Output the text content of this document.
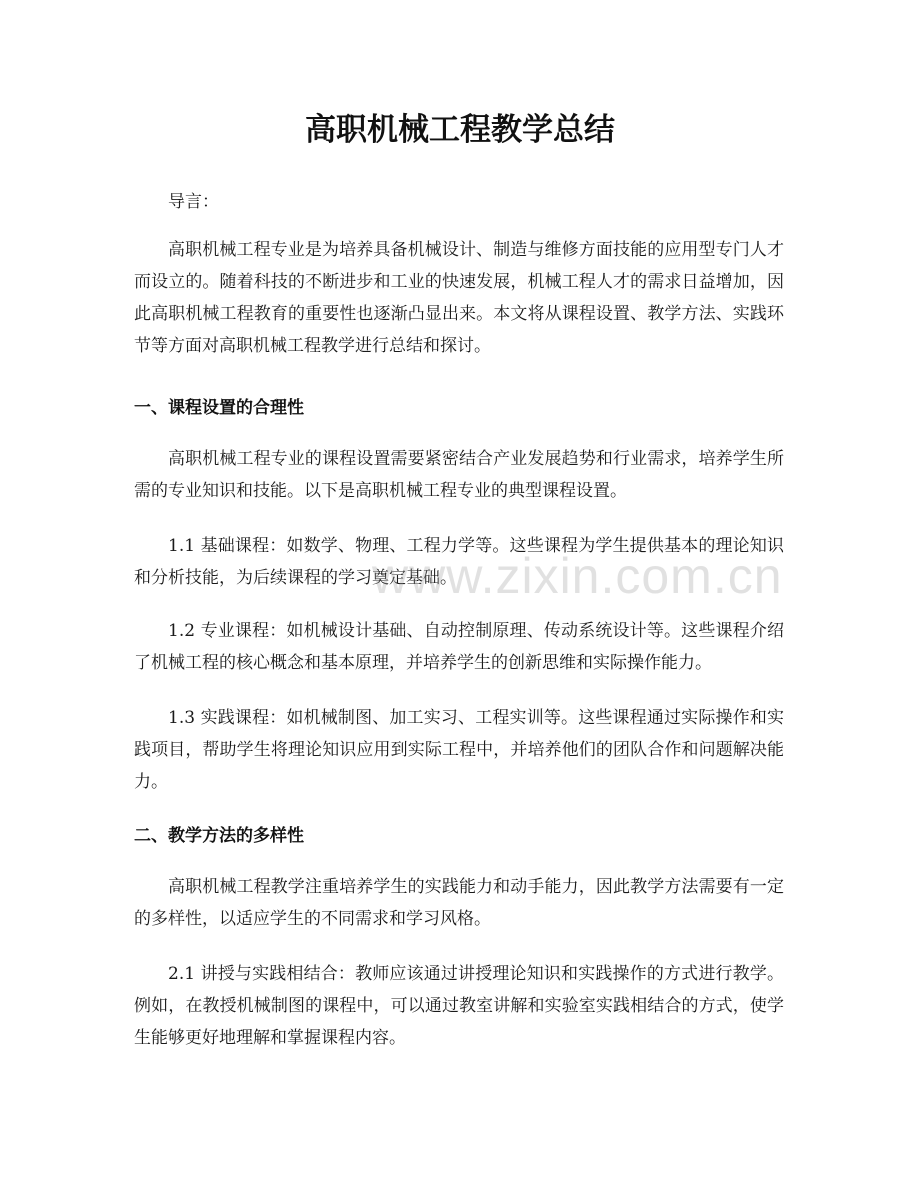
高职机械工程教学总结

导言：

高职机械工程专业是为培养具备机械设计、制造与维修方面技能的应用型专门人才而设立的。随着科技的不断进步和工业的快速发展，机械工程人才的需求日益增加，因此高职机械工程教育的重要性也逐渐凸显出来。本文将从课程设置、教学方法、实践环节等方面对高职机械工程教学进行总结和探讨。

一、课程设置的合理性

高职机械工程专业的课程设置需要紧密结合产业发展趋势和行业需求，培养学生所需的专业知识和技能。以下是高职机械工程专业的典型课程设置。

1.1 基础课程：如数学、物理、工程力学等。这些课程为学生提供基本的理论知识和分析技能，为后续课程的学习奠定基础。

1.2 专业课程：如机械设计基础、自动控制原理、传动系统设计等。这些课程介绍了机械工程的核心概念和基本原理，并培养学生的创新思维和实际操作能力。

1.3 实践课程：如机械制图、加工实习、工程实训等。这些课程通过实际操作和实践项目，帮助学生将理论知识应用到实际工程中，并培养他们的团队合作和问题解决能力。

二、教学方法的多样性

高职机械工程教学注重培养学生的实践能力和动手能力，因此教学方法需要有一定的多样性，以适应学生的不同需求和学习风格。

2.1 讲授与实践相结合：教师应该通过讲授理论知识和实践操作的方式进行教学。例如，在教授机械制图的课程中，可以通过教室讲解和实验室实践相结合的方式，使学生能够更好地理解和掌握课程内容。

www.zixin.com.cn
